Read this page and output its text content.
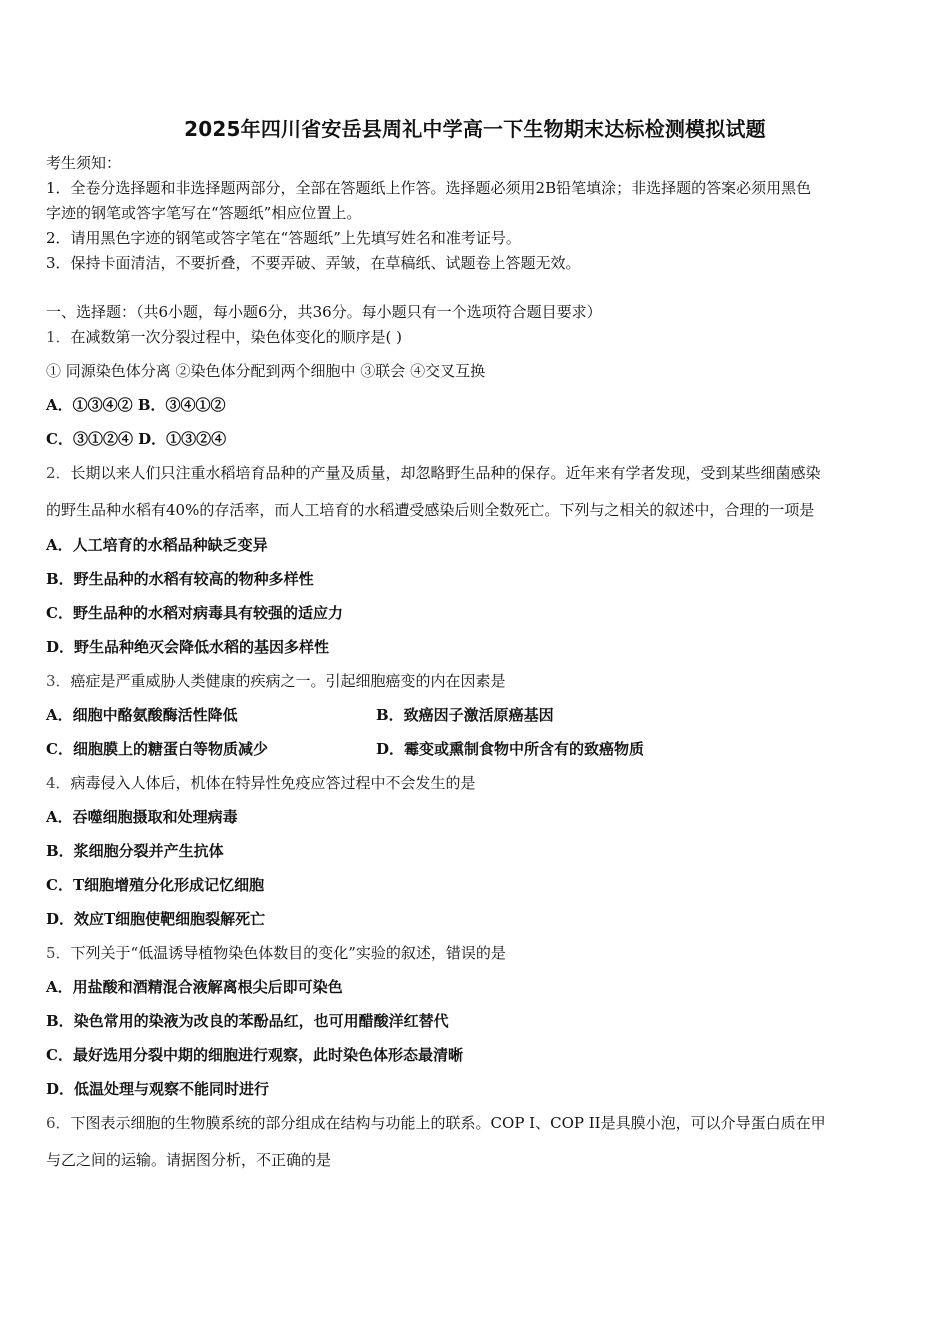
2025年四川省安岳县周礼中学高一下生物期末达标检测模拟试题
考生须知：
1．全卷分选择题和非选择题两部分，全部在答题纸上作答。选择题必须用2B铅笔填涂；非选择题的答案必须用黑色
字迹的钢笔或答字笔写在“答题纸”相应位置上。
2．请用黑色字迹的钢笔或答字笔在“答题纸”上先填写姓名和准考证号。
3．保持卡面清洁，不要折叠，不要弄破、弄皱，在草稿纸、试题卷上答题无效。
一、选择题：（共6小题，每小题6分，共36分。每小题只有一个选项符合题目要求）
1．在减数第一次分裂过程中，染色体变化的顺序是( )
① 同源染色体分离 ②染色体分配到两个细胞中 ③联会 ④交叉互换
A．①③④② B．③④①②
C．③①②④ D．①③②④
2．长期以来人们只注重水稻培育品种的产量及质量，却忽略野生品种的保存。近年来有学者发现，受到某些细菌感染
的野生品种水稻有40%的存活率，而人工培育的水稻遭受感染后则全数死亡。下列与之相关的叙述中，合理的一项是
A．人工培育的水稻品种缺乏变异
B．野生品种的水稻有较高的物种多样性
C．野生品种的水稻对病毒具有较强的适应力
D．野生品种绝灭会降低水稻的基因多样性
3．癌症是严重威胁人类健康的疾病之一。引起细胞癌变的内在因素是
A．细胞中酪氨酸酶活性降低	B．致癌因子激活原癌基因
C．细胞膜上的糖蛋白等物质减少	D．霉变或熏制食物中所含有的致癌物质
4．病毒侵入人体后，机体在特异性免疫应答过程中不会发生的是
A．吞噬细胞摄取和处理病毒
B．浆细胞分裂并产生抗体
C．T细胞增殖分化形成记忆细胞
D．效应T细胞使靶细胞裂解死亡
5．下列关于“低温诱导植物染色体数目的变化”实验的叙述，错误的是
A．用盐酸和酒精混合液解离根尖后即可染色
B．染色常用的染液为改良的苯酚品红，也可用醋酸洋红替代
C．最好选用分裂中期的细胞进行观察，此时染色体形态最清晰
D．低温处理与观察不能同时进行
6．下图表示细胞的生物膜系统的部分组成在结构与功能上的联系。COP I、COP II是具膜小泡，可以介导蛋白质在甲
与乙之间的运输。请据图分析，不正确的是
